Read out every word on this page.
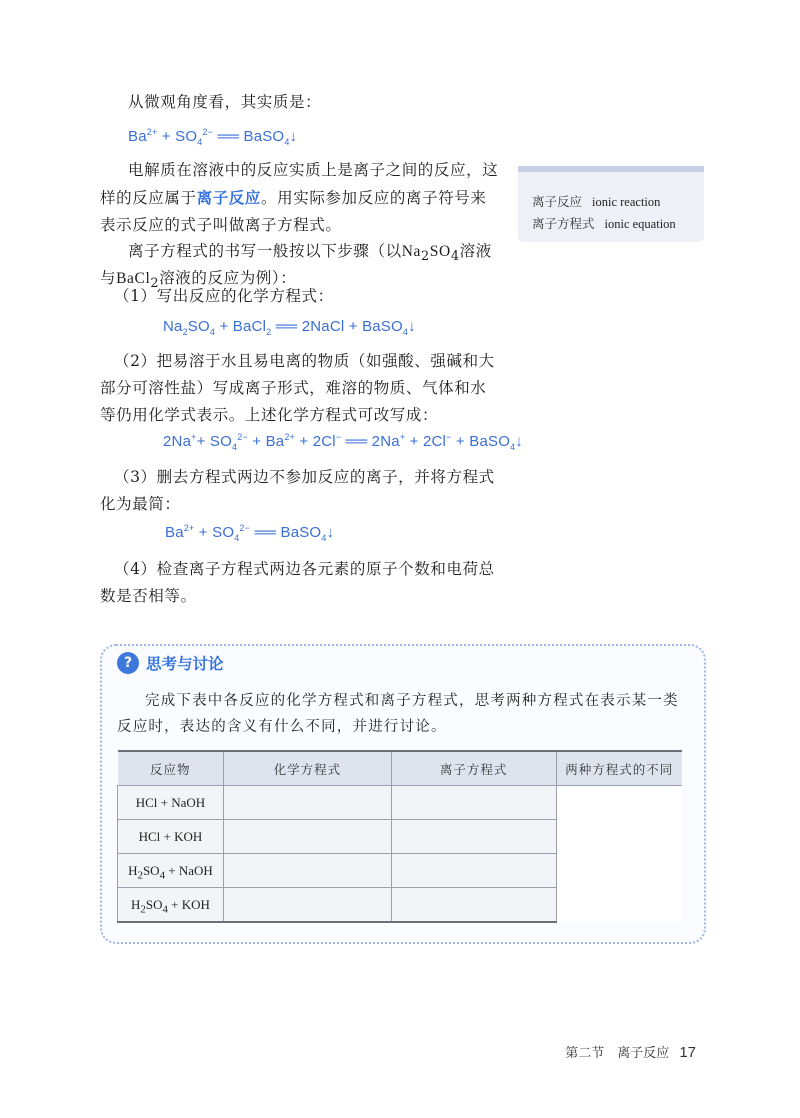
从微观角度看，其实质是：
$Ba^{2+} + SO_4^{2-}$ ══ BaSO$_4$↓
电解质在溶液中的反应实质上是离子之间的反应，这样的反应属于离子反应。用实际参加反应的离子符号来表示反应的式子叫做离子方程式。
离子反应 ionic reaction
离子方程式 ionic equation
离子方程式的书写一般按以下步骤（以$Na_2SO_4$溶液与BaCl$_2$溶液的反应为例）：
（1）写出反应的化学方程式：
$Na_2SO_4$ + BaCl$_2$ ══ 2NaCl + BaSO$_4$↓
（2）把易溶于水且易电离的物质（如强酸、强碱和大部分可溶性盐）写成离子形式，难溶的物质、气体和水等仍用化学式表示。上述化学方程式可改写成：
$2Na^++ SO_4^{2-} + Ba^{2+} + 2Cl^-$ ══ 2Na+ + 2Cl− + BaSO$_4$↓
（3）删去方程式两边不参加反应的离子，并将方程式化为最简：
$Ba^{2+} + SO_4^{2-}$ ══ BaSO$_4$↓
（4）检查离子方程式两边各元素的原子个数和电荷总数是否相等。
? 思考与讨论
完成下表中各反应的化学方程式和离子方程式，思考两种方程式在表示某一类反应时，表达的含义有什么不同，并进行讨论。
反应物	化学方程式	离子方程式	两种方程式的不同
HCl + NaOH			
HCl + KOH			
$H_2SO_4$ + NaOH			
$H_2SO_4$ + KOH			
第二节　离子反应 17
